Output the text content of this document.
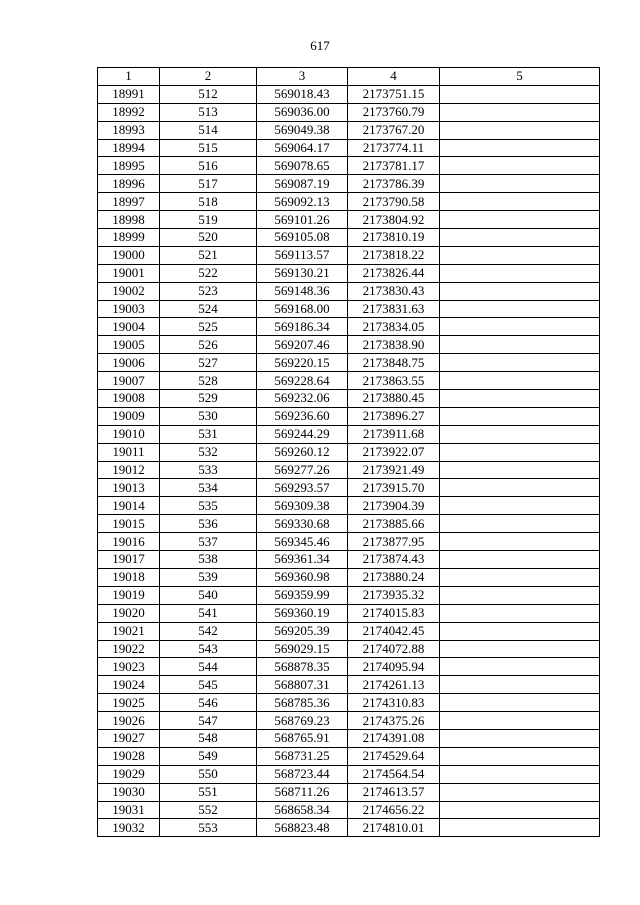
617
1	2	3	4	5
18991	512	569018.43	2173751.15	
18992	513	569036.00	2173760.79	
18993	514	569049.38	2173767.20	
18994	515	569064.17	2173774.11	
18995	516	569078.65	2173781.17	
18996	517	569087.19	2173786.39	
18997	518	569092.13	2173790.58	
18998	519	569101.26	2173804.92	
18999	520	569105.08	2173810.19	
19000	521	569113.57	2173818.22	
19001	522	569130.21	2173826.44	
19002	523	569148.36	2173830.43	
19003	524	569168.00	2173831.63	
19004	525	569186.34	2173834.05	
19005	526	569207.46	2173838.90	
19006	527	569220.15	2173848.75	
19007	528	569228.64	2173863.55	
19008	529	569232.06	2173880.45	
19009	530	569236.60	2173896.27	
19010	531	569244.29	2173911.68	
19011	532	569260.12	2173922.07	
19012	533	569277.26	2173921.49	
19013	534	569293.57	2173915.70	
19014	535	569309.38	2173904.39	
19015	536	569330.68	2173885.66	
19016	537	569345.46	2173877.95	
19017	538	569361.34	2173874.43	
19018	539	569360.98	2173880.24	
19019	540	569359.99	2173935.32	
19020	541	569360.19	2174015.83	
19021	542	569205.39	2174042.45	
19022	543	569029.15	2174072.88	
19023	544	568878.35	2174095.94	
19024	545	568807.31	2174261.13	
19025	546	568785.36	2174310.83	
19026	547	568769.23	2174375.26	
19027	548	568765.91	2174391.08	
19028	549	568731.25	2174529.64	
19029	550	568723.44	2174564.54	
19030	551	568711.26	2174613.57	
19031	552	568658.34	2174656.22	
19032	553	568823.48	2174810.01	
